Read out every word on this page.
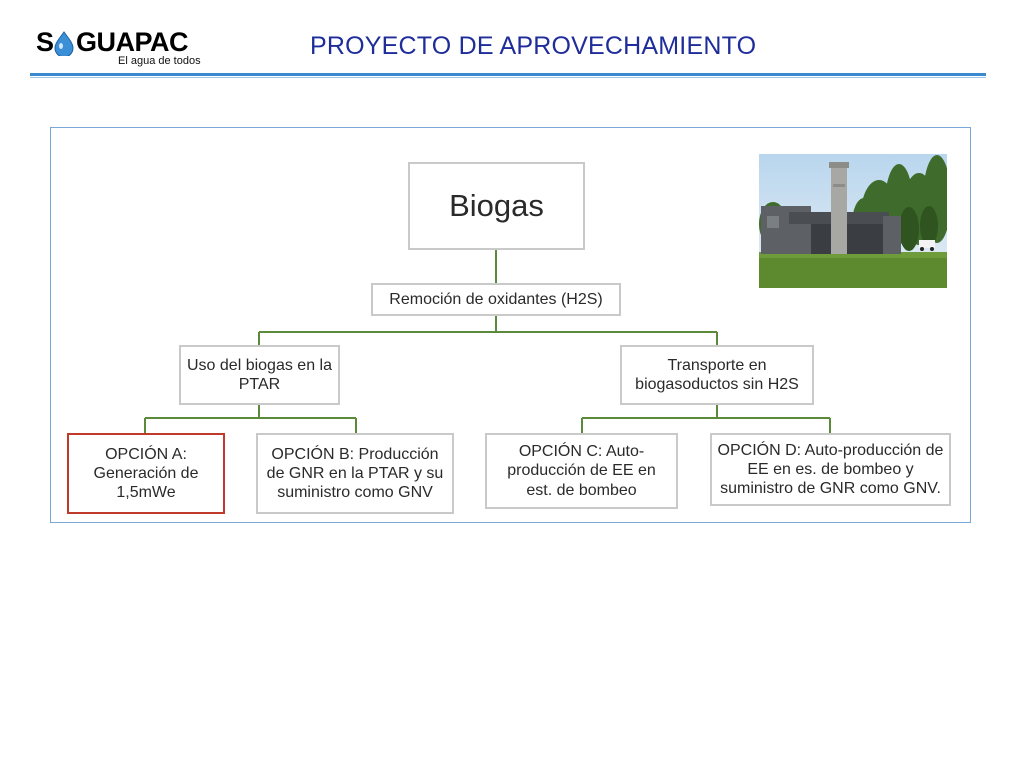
S GUAPAC
El agua de todos
PROYECTO DE APROVECHAMIENTO
Biogas
Remoción de oxidantes (H2S)
Uso del biogas en la PTAR
Transporte en biogasoductos sin H2S
OPCIÓN A: Generación de 1,5mWe
OPCIÓN B: Producción de GNR en la PTAR y su suministro como GNV
OPCIÓN C: Auto-producción de EE en est. de bombeo
OPCIÓN D: Auto-producción de EE en es. de bombeo y suministro de GNR como GNV.
